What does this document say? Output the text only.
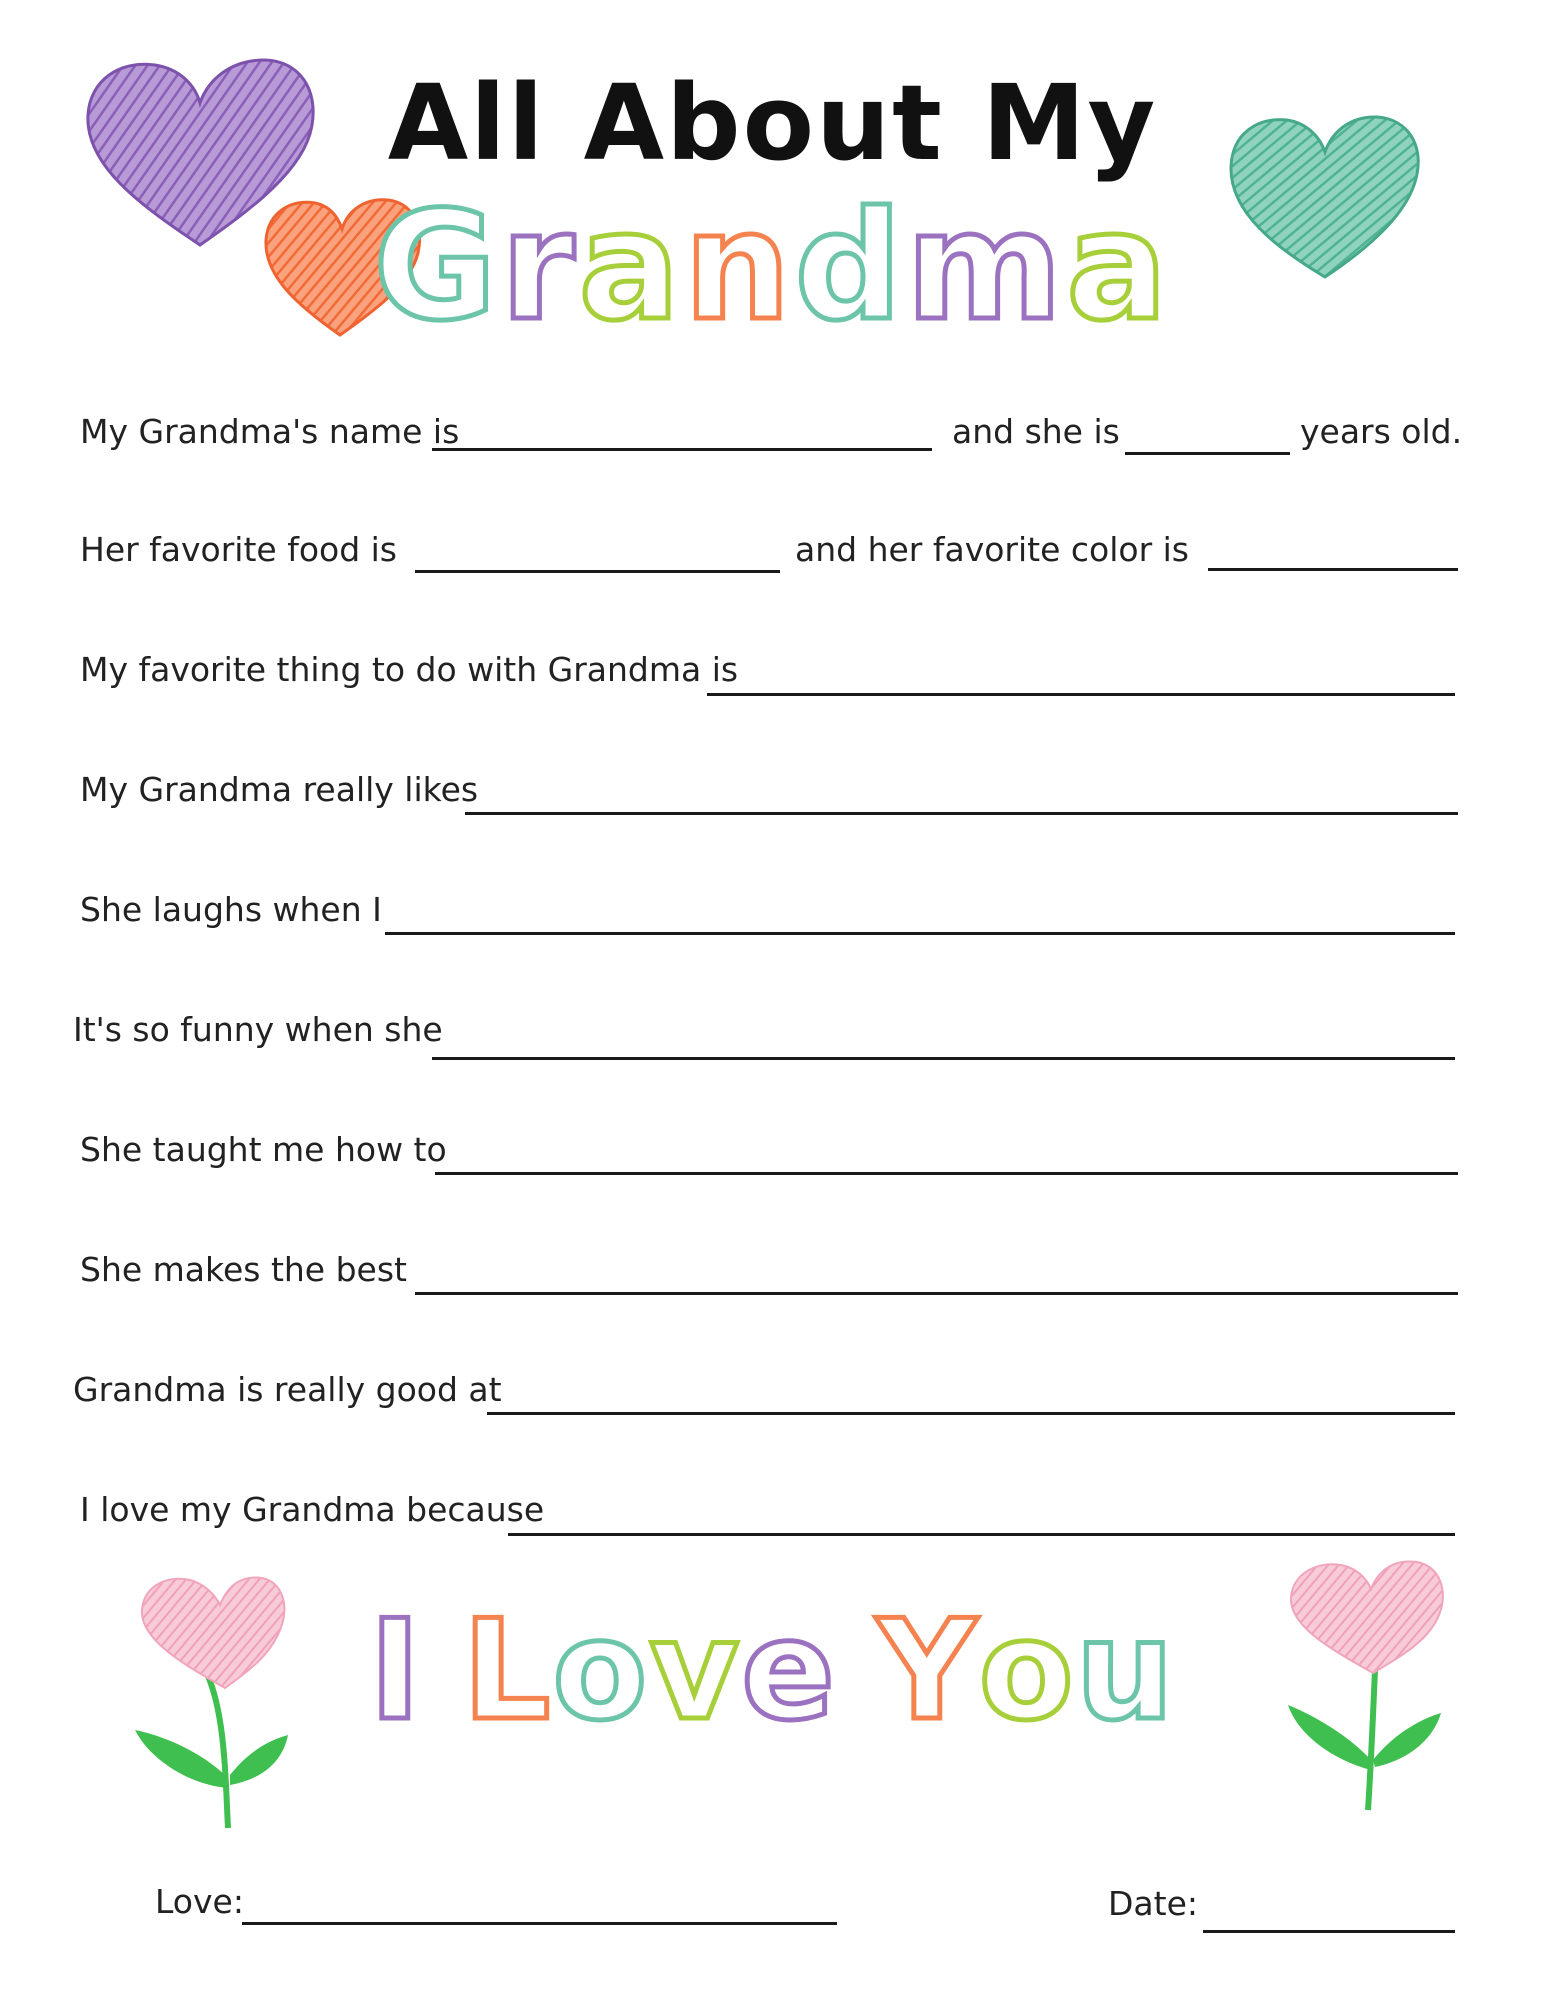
All About My
Grandma
My Grandma's name is	and she is	years old.
Her favorite food is	and her favorite color is
My favorite thing to do with Grandma is
My Grandma really likes
She laughs when I
It's so funny when she
She taught me how to
She makes the best
Grandma is really good at
I love my Grandma because
I Love You
Love:	Date:
